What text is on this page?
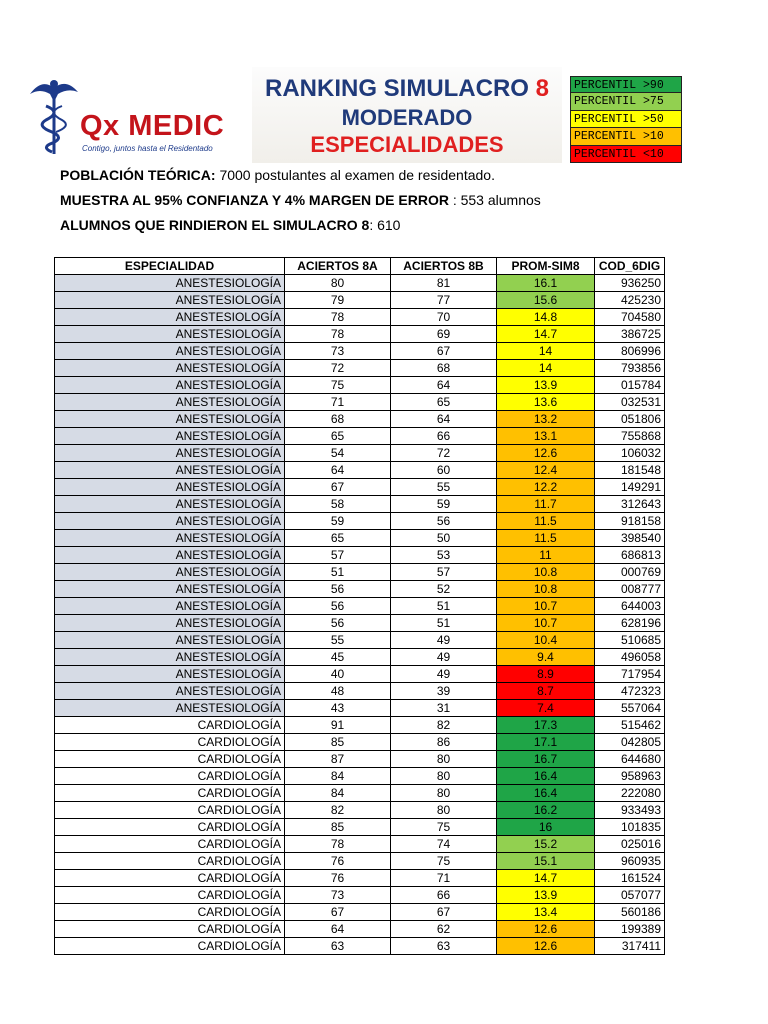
Qx MEDIC
Contigo, juntos hasta el Residentado
RANKING SIMULACRO 8
MODERADO
ESPECIALIDADES
PERCENTIL >90
PERCENTIL >75
PERCENTIL >50
PERCENTIL >10
PERCENTIL <10
POBLACIÓN TEÓRICA: 7000 postulantes al examen de residentado.
MUESTRA AL 95% CONFIANZA Y 4% MARGEN DE ERROR : 553 alumnos
ALUMNOS QUE RINDIERON EL SIMULACRO 8: 610
ESPECIALIDAD	ACIERTOS 8A	ACIERTOS 8B	PROM-SIM8	COD_6DIG
ANESTESIOLOGÍA	80	81	16.1	936250
ANESTESIOLOGÍA	79	77	15.6	425230
ANESTESIOLOGÍA	78	70	14.8	704580
ANESTESIOLOGÍA	78	69	14.7	386725
ANESTESIOLOGÍA	73	67	14	806996
ANESTESIOLOGÍA	72	68	14	793856
ANESTESIOLOGÍA	75	64	13.9	015784
ANESTESIOLOGÍA	71	65	13.6	032531
ANESTESIOLOGÍA	68	64	13.2	051806
ANESTESIOLOGÍA	65	66	13.1	755868
ANESTESIOLOGÍA	54	72	12.6	106032
ANESTESIOLOGÍA	64	60	12.4	181548
ANESTESIOLOGÍA	67	55	12.2	149291
ANESTESIOLOGÍA	58	59	11.7	312643
ANESTESIOLOGÍA	59	56	11.5	918158
ANESTESIOLOGÍA	65	50	11.5	398540
ANESTESIOLOGÍA	57	53	11	686813
ANESTESIOLOGÍA	51	57	10.8	000769
ANESTESIOLOGÍA	56	52	10.8	008777
ANESTESIOLOGÍA	56	51	10.7	644003
ANESTESIOLOGÍA	56	51	10.7	628196
ANESTESIOLOGÍA	55	49	10.4	510685
ANESTESIOLOGÍA	45	49	9.4	496058
ANESTESIOLOGÍA	40	49	8.9	717954
ANESTESIOLOGÍA	48	39	8.7	472323
ANESTESIOLOGÍA	43	31	7.4	557064
CARDIOLOGÍA	91	82	17.3	515462
CARDIOLOGÍA	85	86	17.1	042805
CARDIOLOGÍA	87	80	16.7	644680
CARDIOLOGÍA	84	80	16.4	958963
CARDIOLOGÍA	84	80	16.4	222080
CARDIOLOGÍA	82	80	16.2	933493
CARDIOLOGÍA	85	75	16	101835
CARDIOLOGÍA	78	74	15.2	025016
CARDIOLOGÍA	76	75	15.1	960935
CARDIOLOGÍA	76	71	14.7	161524
CARDIOLOGÍA	73	66	13.9	057077
CARDIOLOGÍA	67	67	13.4	560186
CARDIOLOGÍA	64	62	12.6	199389
CARDIOLOGÍA	63	63	12.6	317411
